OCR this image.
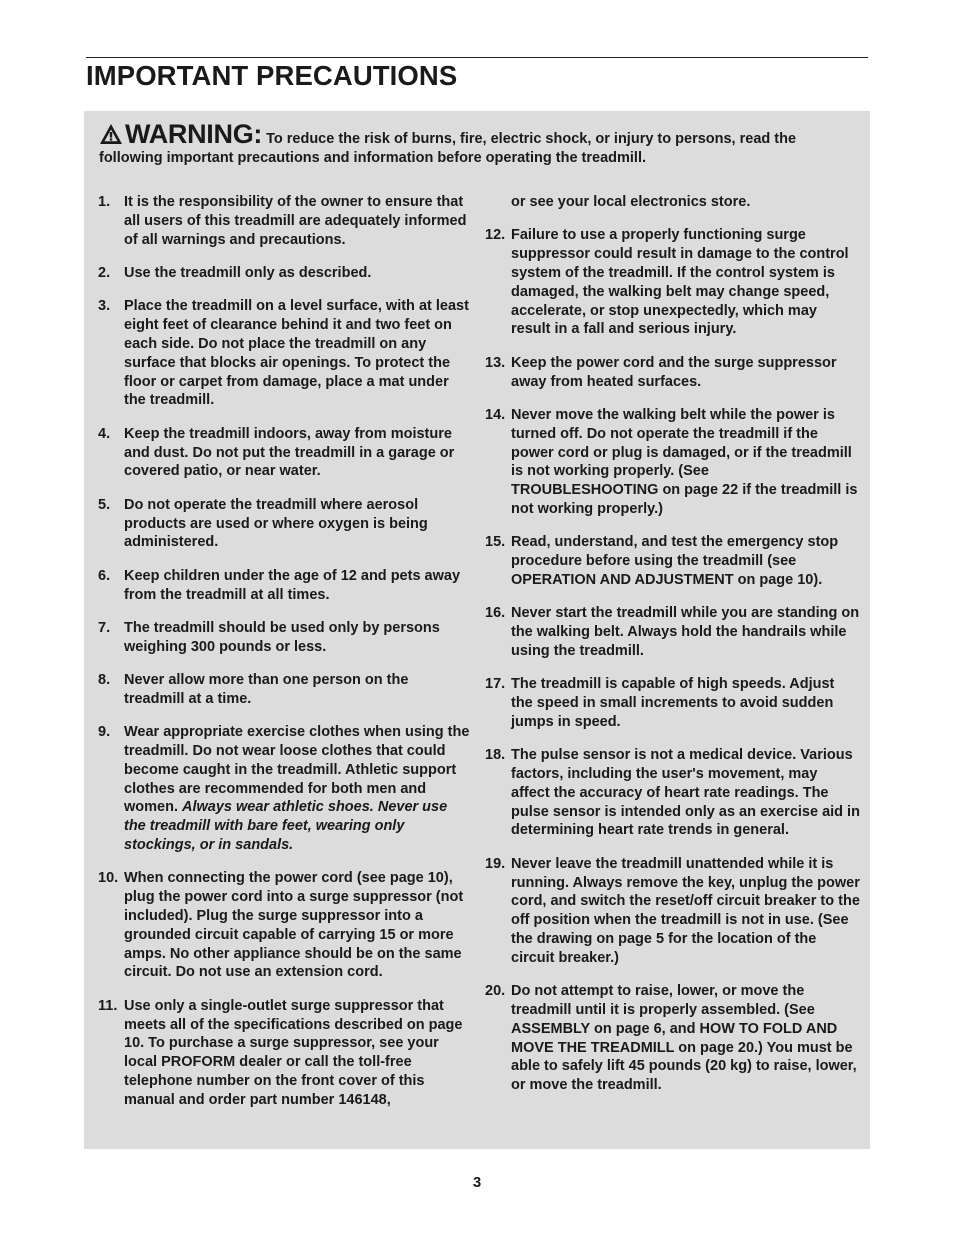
IMPORTANT PRECAUTIONS
WARNING: To reduce the risk of burns, fire, electric shock, or injury to persons, read the following important precautions and information before operating the treadmill.
1. It is the responsibility of the owner to ensure that all users of this treadmill are adequately informed of all warnings and precautions.
2. Use the treadmill only as described.
3. Place the treadmill on a level surface, with at least eight feet of clearance behind it and two feet on each side. Do not place the treadmill on any surface that blocks air openings. To protect the floor or carpet from damage, place a mat under the treadmill.
4. Keep the treadmill indoors, away from moisture and dust. Do not put the treadmill in a garage or covered patio, or near water.
5. Do not operate the treadmill where aerosol products are used or where oxygen is being administered.
6. Keep children under the age of 12 and pets away from the treadmill at all times.
7. The treadmill should be used only by persons weighing 300 pounds or less.
8. Never allow more than one person on the treadmill at a time.
9. Wear appropriate exercise clothes when using the treadmill. Do not wear loose clothes that could become caught in the treadmill. Athletic support clothes are recommended for both men and women. Always wear athletic shoes. Never use the treadmill with bare feet, wearing only stockings, or in sandals.
10. When connecting the power cord (see page 10), plug the power cord into a surge suppressor (not included). Plug the surge suppressor into a grounded circuit capable of carrying 15 or more amps. No other appliance should be on the same circuit. Do not use an extension cord.
11. Use only a single-outlet surge suppressor that meets all of the specifications described on page 10. To purchase a surge suppressor, see your local PROFORM dealer or call the toll-free telephone number on the front cover of this manual and order part number 146148,
or see your local electronics store.
12. Failure to use a properly functioning surge suppressor could result in damage to the control system of the treadmill. If the control system is damaged, the walking belt may change speed, accelerate, or stop unexpectedly, which may result in a fall and serious injury.
13. Keep the power cord and the surge suppressor away from heated surfaces.
14. Never move the walking belt while the power is turned off. Do not operate the treadmill if the power cord or plug is damaged, or if the treadmill is not working properly. (See TROUBLESHOOTING on page 22 if the treadmill is not working properly.)
15. Read, understand, and test the emergency stop procedure before using the treadmill (see OPERATION AND ADJUSTMENT on page 10).
16. Never start the treadmill while you are standing on the walking belt. Always hold the handrails while using the treadmill.
17. The treadmill is capable of high speeds. Adjust the speed in small increments to avoid sudden jumps in speed.
18. The pulse sensor is not a medical device. Various factors, including the user's movement, may affect the accuracy of heart rate readings. The pulse sensor is intended only as an exercise aid in determining heart rate trends in general.
19. Never leave the treadmill unattended while it is running. Always remove the key, unplug the power cord, and switch the reset/off circuit breaker to the off position when the treadmill is not in use. (See the drawing on page 5 for the location of the circuit breaker.)
20. Do not attempt to raise, lower, or move the treadmill until it is properly assembled. (See ASSEMBLY on page 6, and HOW TO FOLD AND MOVE THE TREADMILL on page 20.) You must be able to safely lift 45 pounds (20 kg) to raise, lower, or move the treadmill.
3
